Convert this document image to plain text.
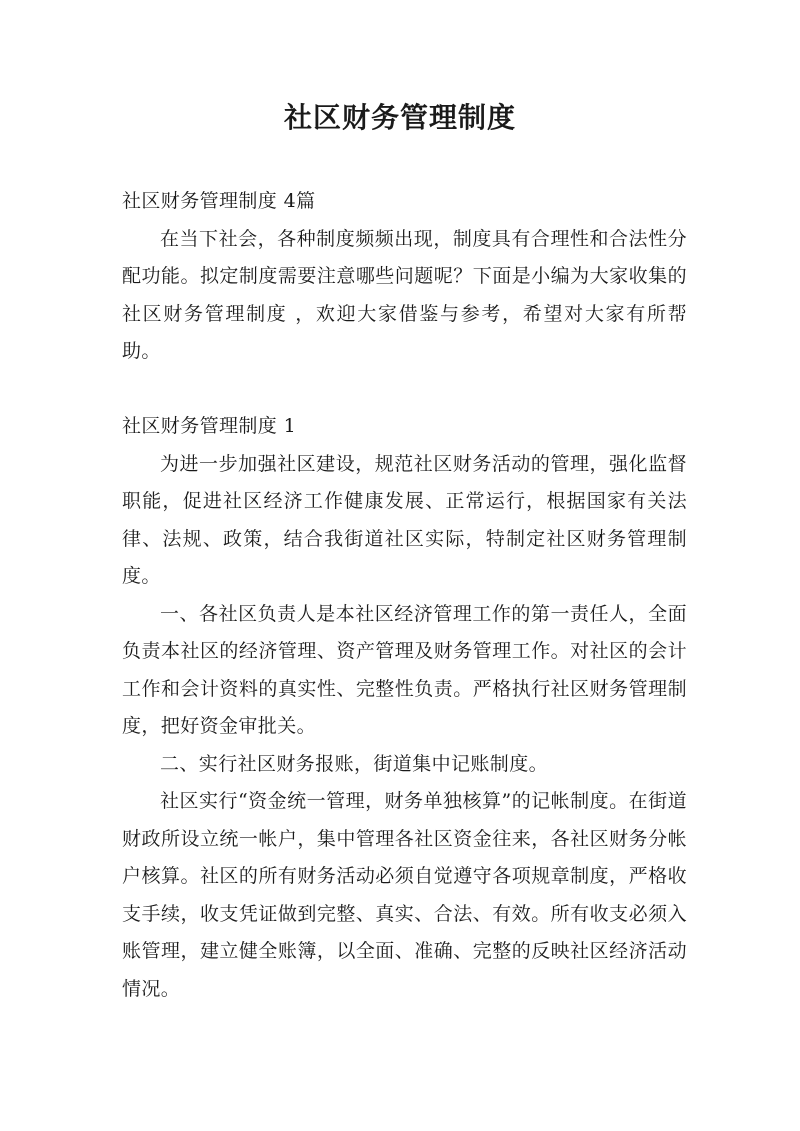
社区财务管理制度

社区财务管理制度 4篇

在当下社会，各种制度频频出现，制度具有合理性和合法性分配功能。拟定制度需要注意哪些问题呢？下面是小编为大家收集的社区财务管理制度 ，欢迎大家借鉴与参考，希望对大家有所帮助。

社区财务管理制度 1

为进一步加强社区建设，规范社区财务活动的管理，强化监督职能，促进社区经济工作健康发展、正常运行，根据国家有关法律、法规、政策，结合我街道社区实际，特制定社区财务管理制度。

一、各社区负责人是本社区经济管理工作的第一责任人，全面负责本社区的经济管理、资产管理及财务管理工作。对社区的会计工作和会计资料的真实性、完整性负责。严格执行社区财务管理制度，把好资金审批关。

二、实行社区财务报账，街道集中记账制度。

社区实行“资金统一管理，财务单独核算”的记帐制度。在街道财政所设立统一帐户，集中管理各社区资金往来，各社区财务分帐户核算。社区的所有财务活动必须自觉遵守各项规章制度，严格收支手续，收支凭证做到完整、真实、合法、有效。所有收支必须入账管理，建立健全账簿，以全面、准确、完整的反映社区经济活动情况。
